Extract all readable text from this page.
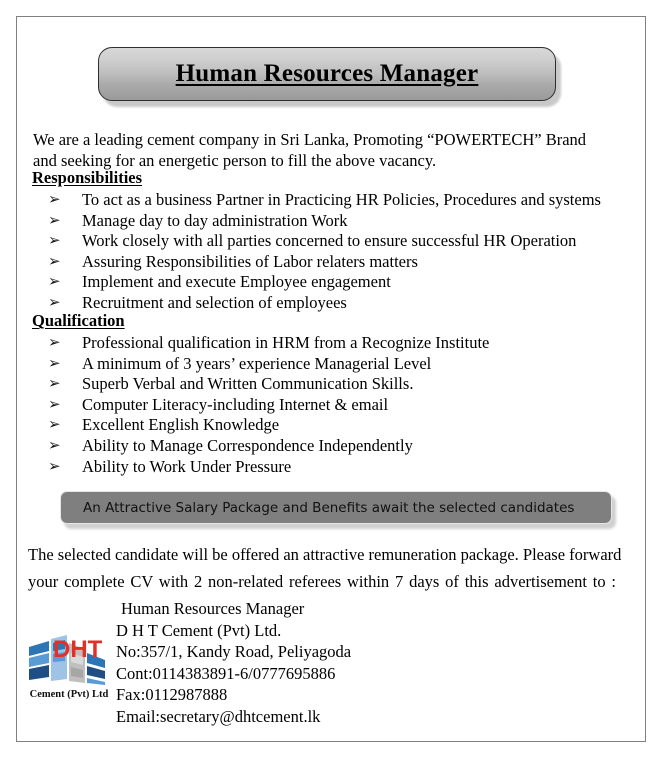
Human Resources Manager

We are a leading cement company in Sri Lanka, Promoting “POWERTECH” Brand and seeking for an energetic person to fill the above vacancy.

Responsibilities
➢	To act as a business Partner in Practicing HR Policies, Procedures and systems
➢	Manage day to day administration Work
➢	Work closely with all parties concerned to ensure successful HR Operation
➢	Assuring Responsibilities of Labor relaters matters
➢	Implement and execute Employee engagement
➢	Recruitment and selection of employees
Qualification
➢	Professional qualification in HRM from a Recognize Institute
➢	A minimum of 3 years’ experience Managerial Level
➢	Superb Verbal and Written Communication Skills.
➢	Computer Literacy-including Internet & email
➢	Excellent English Knowledge
➢	Ability to Manage Correspondence Independently
➢	Ability to Work Under Pressure
An Attractive Salary Package and Benefits await the selected candidates
The selected candidate will be offered an attractive remuneration package. Please forward
your complete CV with 2 non-related referees within 7 days of this advertisement to :
Human Resources Manager
D H T Cement (Pvt) Ltd.
No:357/1, Kandy Road, Peliyagoda
Cont:0114383891-6/0777695886
Fax:0112987888
Email:secretary@dhtcement.lk
DHT
Cement (Pvt) Ltd
